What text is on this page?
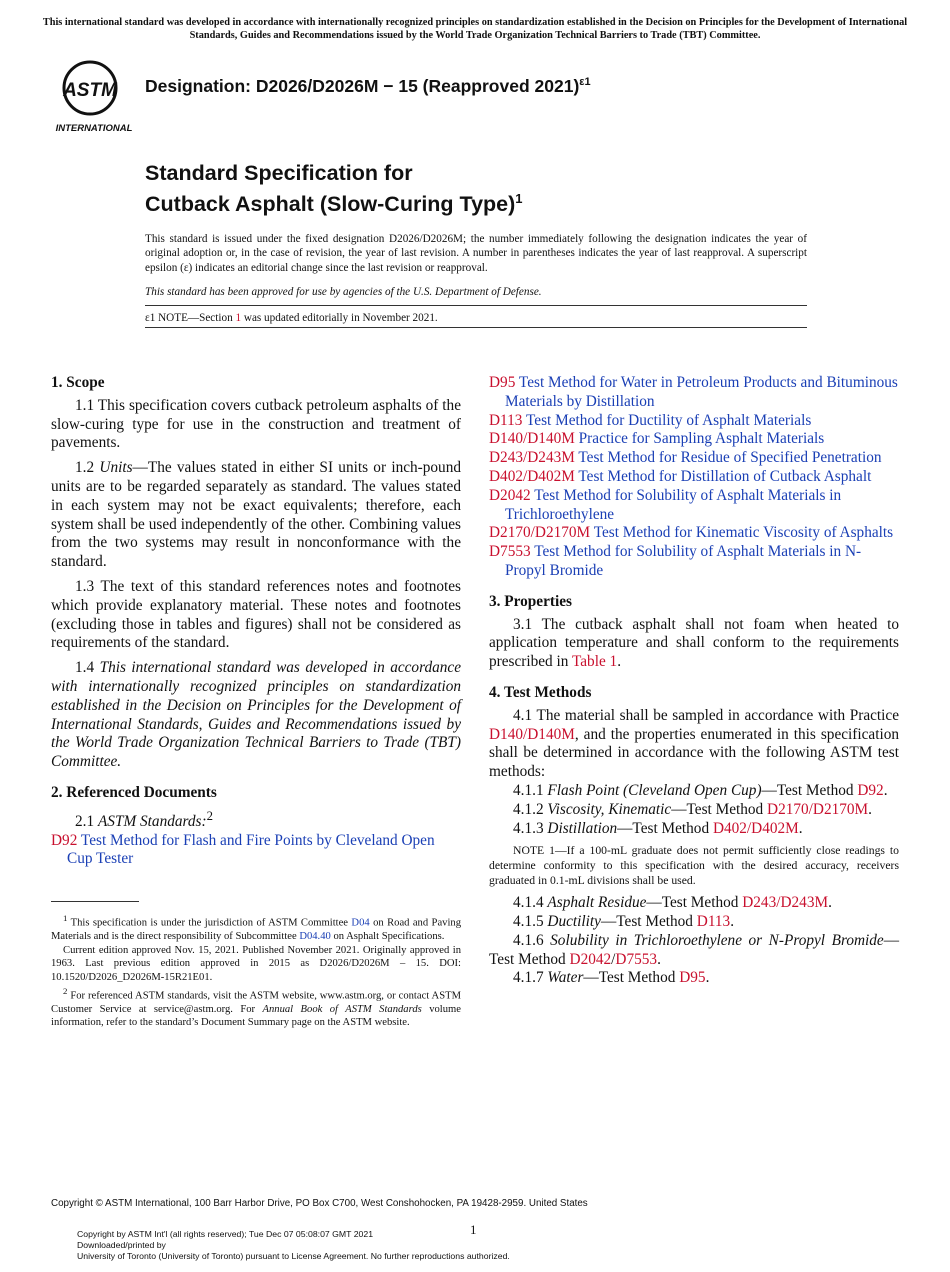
This international standard was developed in accordance with internationally recognized principles on standardization established in the Decision on Principles for the Development of International Standards, Guides and Recommendations issued by the World Trade Organization Technical Barriers to Trade (TBT) Committee.
ASTM
INTERNATIONAL
Designation: D2026/D2026M − 15 (Reapproved 2021)$^{\varepsilon 1}$
Standard Specification for
Cutback Asphalt (Slow-Curing Type)$^1$
This standard is issued under the fixed designation D2026/D2026M; the number immediately following the designation indicates the year of original adoption or, in the case of revision, the year of last revision. A number in parentheses indicates the year of last reapproval. A superscript epsilon (ε) indicates an editorial change since the last revision or reapproval.
This standard has been approved for use by agencies of the U.S. Department of Defense.
ε1 NOTE—Section 1 was updated editorially in November 2021.

1. Scope

1.1 This specification covers cutback petroleum asphalts of the slow-curing type for use in the construction and treatment of pavements.

1.2 Units—The values stated in either SI units or inch-pound units are to be regarded separately as standard. The values stated in each system may not be exact equivalents; therefore, each system shall be used independently of the other. Combining values from the two systems may result in nonconformance with the standard.

1.3 The text of this standard references notes and footnotes which provide explanatory material. These notes and footnotes (excluding those in tables and figures) shall not be considered as requirements of the standard.

1.4 This international standard was developed in accordance with internationally recognized principles on standardization established in the Decision on Principles for the Development of International Standards, Guides and Recommendations issued by the World Trade Organization Technical Barriers to Trade (TBT) Committee.

2. Referenced Documents

2.1 ASTM Standards:$^2$

D92 Test Method for Flash and Fire Points by Cleveland Open Cup Tester

$^1$ This specification is under the jurisdiction of ASTM Committee D04 on Road and Paving Materials and is the direct responsibility of Subcommittee D04.40 on Asphalt Specifications.

Current edition approved Nov. 15, 2021. Published November 2021. Originally approved in 1963. Last previous edition approved in 2015 as D2026/D2026M – 15. DOI: 10.1520/D2026_D2026M-15R21E01.

$^2$ For referenced ASTM standards, visit the ASTM website, www.astm.org, or contact ASTM Customer Service at service@astm.org. For Annual Book of ASTM Standards volume information, refer to the standard’s Document Summary page on the ASTM website.

D95 Test Method for Water in Petroleum Products and Bituminous Materials by Distillation

D113 Test Method for Ductility of Asphalt Materials

D140/D140M Practice for Sampling Asphalt Materials

D243/D243M Test Method for Residue of Specified Penetration

D402/D402M Test Method for Distillation of Cutback Asphalt

D2042 Test Method for Solubility of Asphalt Materials in Trichloroethylene

D2170/D2170M Test Method for Kinematic Viscosity of Asphalts

D7553 Test Method for Solubility of Asphalt Materials in N-Propyl Bromide

3. Properties

3.1 The cutback asphalt shall not foam when heated to application temperature and shall conform to the requirements prescribed in Table 1.

4. Test Methods

4.1 The material shall be sampled in accordance with Practice D140/D140M, and the properties enumerated in this specification shall be determined in accordance with the following ASTM test methods:

4.1.1 Flash Point (Cleveland Open Cup)—Test Method D92.

4.1.2 Viscosity, Kinematic—Test Method D2170/D2170M.

4.1.3 Distillation—Test Method D402/D402M.

NOTE 1—If a 100-mL graduate does not permit sufficiently close readings to determine conformity to this specification with the desired accuracy, receivers graduated in 0.1-mL divisions shall be used.

4.1.4 Asphalt Residue—Test Method D243/D243M.

4.1.5 Ductility—Test Method D113.

4.1.6 Solubility in Trichloroethylene or N-Propyl Bromide—Test Method D2042/D7553.

4.1.7 Water—Test Method D95.

Copyright © ASTM International, 100 Barr Harbor Drive, PO Box C700, West Conshohocken, PA 19428-2959. United States
1
Copyright by ASTM Int'l (all rights reserved); Tue Dec 07 05:08:07 GMT 2021
Downloaded/printed by
University of Toronto (University of Toronto) pursuant to License Agreement. No further reproductions authorized.
